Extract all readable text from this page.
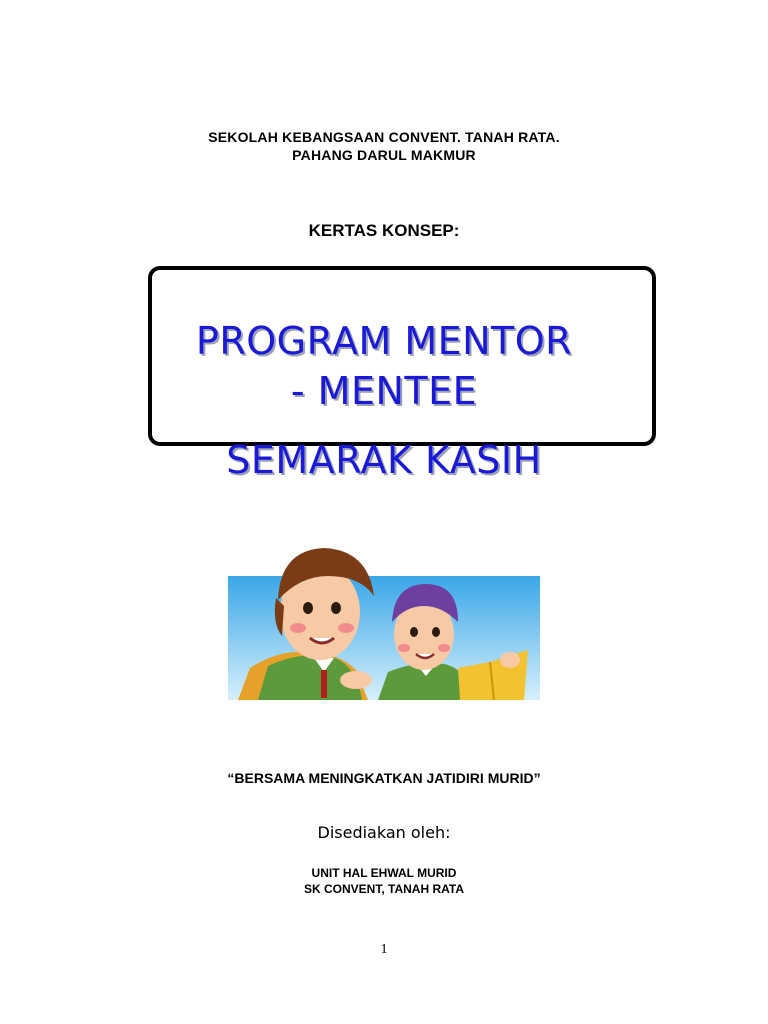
SEKOLAH KEBANGSAAN CONVENT. TANAH RATA.
PAHANG DARUL MAKMUR
KERTAS KONSEP:
PROGRAM MENTOR
- MENTEE
SEMARAK KASIH
“BERSAMA MENINGKATKAN JATIDIRI MURID”
Disediakan oleh:
UNIT HAL EHWAL MURID
SK CONVENT, TANAH RATA
1
